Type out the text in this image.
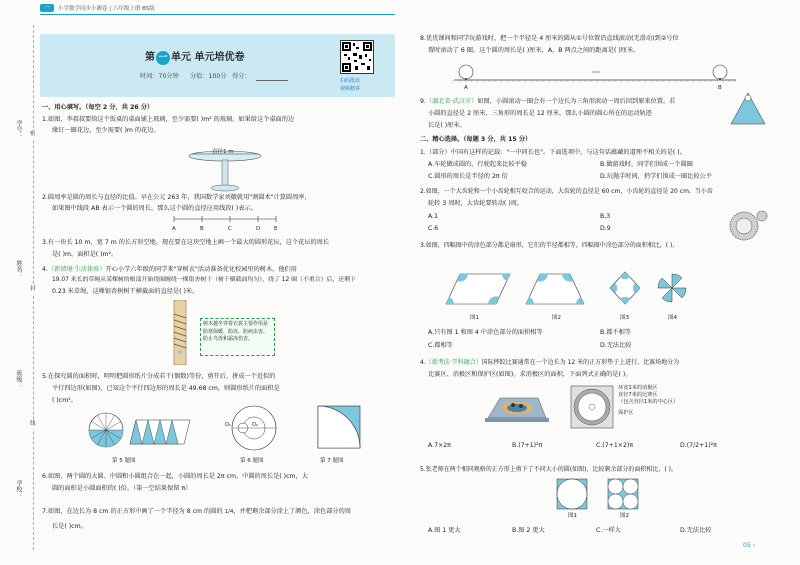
一	小学数学同步小测卷 | 六年级上册 BS版
学号：
姓名：
班级：
学校：
密
封
线
第 一 单元 单元培优卷
时间：70分钟 分值：100分 得分：
扫码批改
视频精讲
一、用心填写。（每空 2 分，共 26 分）
1.如图，李叔叔要给这个饭桌的桌面铺上玻璃，至少需要( )m² 的玻璃。如果给这个桌面的边
缘钉一圈花边，至少需要( )m 的花边。
直径1 m
2.圆周率是圆的周长与直径的比值。早在公元 263 年，我国数学家刘徽就用"割圆术"计算圆周率，
如果图中线段 AB 表示一个圆的周长，那么这个圆的直径应用线段( )表示。
A	B	C	D	E
3.有一块长 10 m，宽 7 m 的长方形空地，现在要在这块空地上画一个最大的圆形花坛，这个花坛的周长
是( )m，面积是( )m²。
4.（新情境·生活体验）开心小学六年级的同学来"穿树衣"活动准备优化校园里的树木。他们用
19.07 米长的草绳从某棵树的根部开始绕圈缠绕一棵银杏树干（树干横截面均匀），绕了 12 圈（不重合）后，还剩下
0.23 米草绳，这棵银杏树树干横截面的直径是( )米。
树木越冬穿着衣裳主要作用是防寒保暖、防冻、防病虫害、防止鸟兽和霜冻伤害。
5.在探究圆的面积时，明明把圆形纸片分成若干(偶数)等份，剪开后，拼成一个近似的
平行四边形(如图)，已知这个平行四边形的周长是 49.68 cm，则圆形纸片的面积是
( )cm²。
O₁	O₂
第 5 题图	第 6 题图	第 7 题图
6.如图，两个圆的大圆、中圆和小圆组合在一起，小圆的周长是 2π cm，中圆的周长是( )cm，大
圆的面积是小圆面积的( )倍。（第一空结果保留 π）
7.如图，在边长为 8 cm 的正方形中画了一个半径为 8 cm 的圆的 1/4，并把剩余部分涂上了颜色，涂色部分的周
长是( )cm。
8.优优课间和同学玩游戏时，把一个半径是 4 厘米的圆从①号位置沿直线滚动(无滑动)到②号位
置时滚动了 6 圈，这个圆的周长是( )厘米，A，B 两点之间的距离是( )厘米。
A	B
9.（湖北省·武汉市）如图，小圆滚动一圈会有一个边长为三角形滚动一周后回到原来位置。若
小圆的直径是 2 厘米，三角形的周长是 12 厘米，那么小圆的圆心所在的运动轨迹
长是( )厘米。
二、精心选择。（每题 3 分，共 15 分）
1.（部分）中国有这样的记载："一中同长也"。下面选项中，与这句话蕴藏的道理不相关的是( )。
A.车轮做成圆的，行驶起来比较平稳	B.做游戏时，同学们围成一个圆圈
C.圆形的周长是半径的 2π 倍	D.玩抛手时间，扔学们围成一圈比较公平
2.如图，一个大齿轮和一个小齿轮相互咬合的运动，大齿轮的直径是 60 cm，小齿轮的直径是 20 cm。当小齿
轮转 3 周时，大齿轮要转动( )周。
A.1	B.3
C.6	D.9
3.如图，四幅图中的涂色部分都是扇形，它们的半径都相等，四幅图中涂色部分的面积相比，( )。
图1	图2	图3	图4
A.只有图 1 和图 4 中涂色部分的面积相等	B.都不相等
C.都相等	D.无法比较
4.（新考法·学科融合）国际摔跤比赛通常在一个边长为 12 米的正方形垫子上进行，比赛场地分为
比赛区、消极区和保护区(如图)。求消极区的面积，下面列式正确的是( )。
环宽1米的消极区
直径7米的比赛区
（包含直径1米的中心区）
保护区
A.7×2π	B.(7+1)²π	C.(7+1×2)π	D.(7/2+1)²π
5.张老师在两个相同规格的正方形上剪下了不同大小的圆(如图)，比较剩余部分的面积相比，( )。
图1	图2
A.图 1 更大	B.图 2 更大	C.一样大	D.无法比较
05 ›
